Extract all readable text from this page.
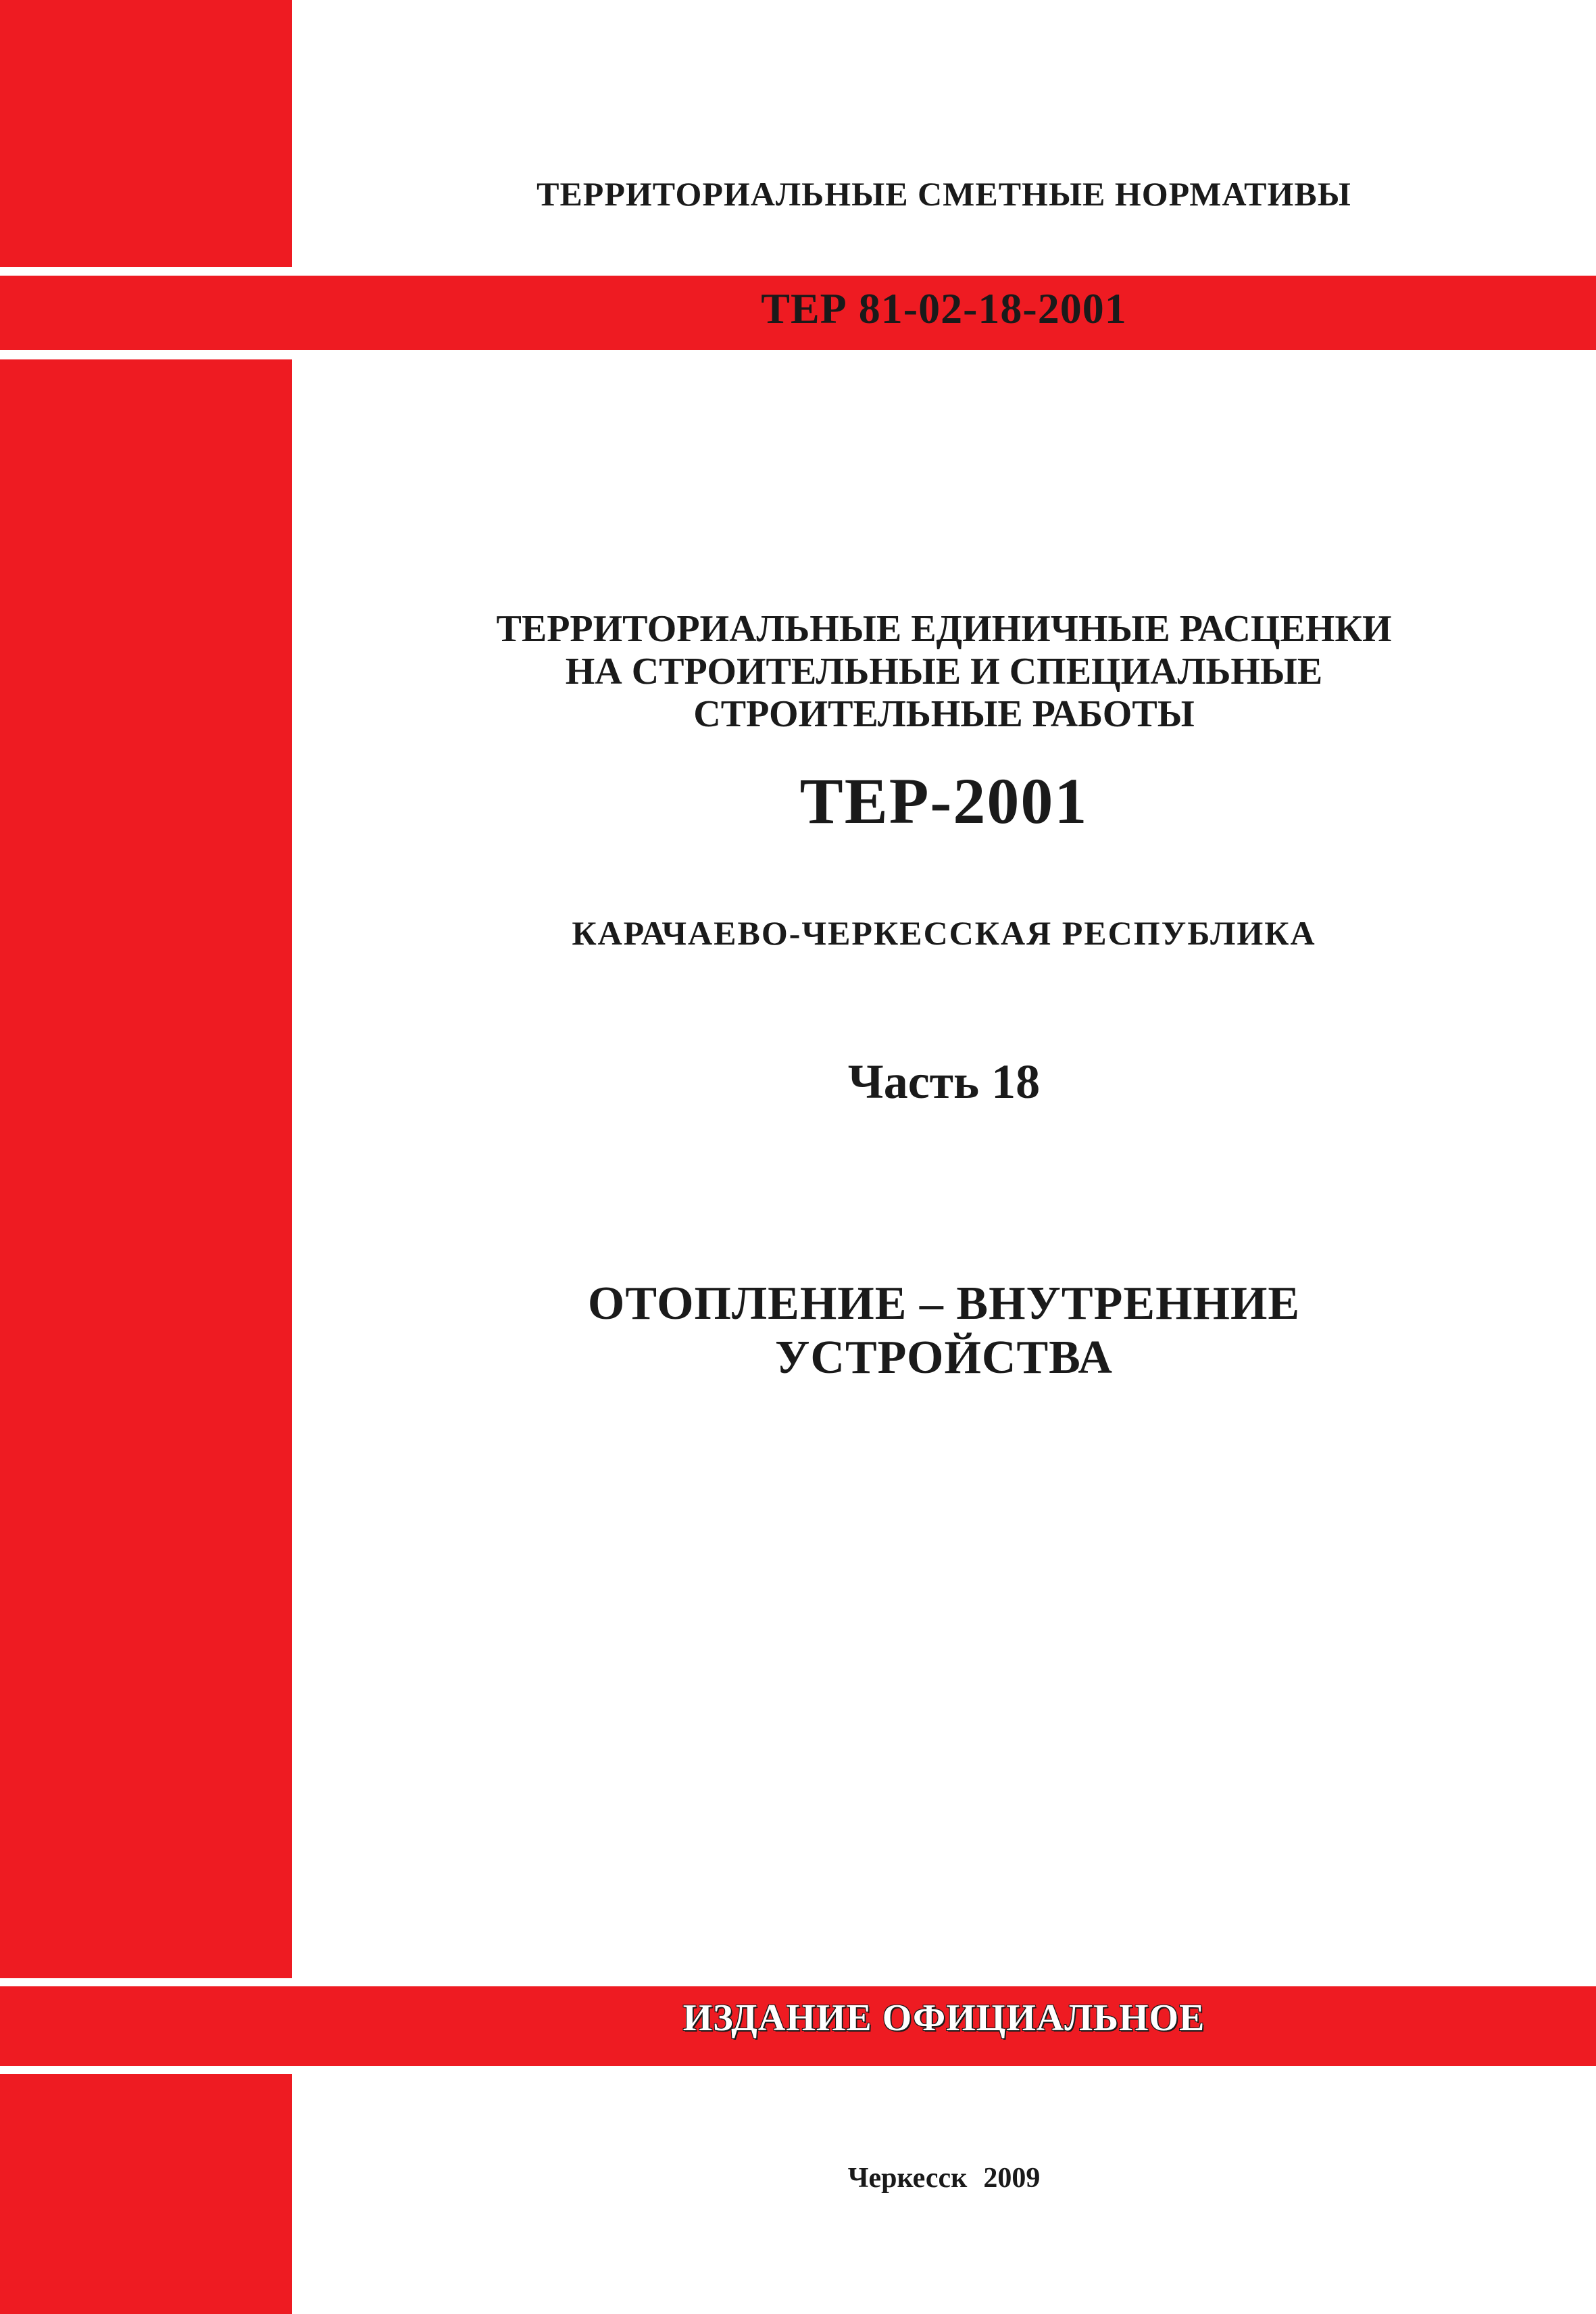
ТЕРРИТОРИАЛЬНЫЕ СМЕТНЫЕ НОРМАТИВЫ

ТЕР 81-02-18-2001

ТЕРРИТОРИАЛЬНЫЕ ЕДИНИЧНЫЕ РАСЦЕНКИ
НА СТРОИТЕЛЬНЫЕ И СПЕЦИАЛЬНЫЕ
СТРОИТЕЛЬНЫЕ РАБОТЫ

ТЕР-2001

КАРАЧАЕВО-ЧЕРКЕССКАЯ РЕСПУБЛИКА

Часть 18

ОТОПЛЕНИЕ – ВНУТРЕННИЕ
УСТРОЙСТВА

ИЗДАНИЕ ОФИЦИАЛЬНОЕ

Черкесск 2009
